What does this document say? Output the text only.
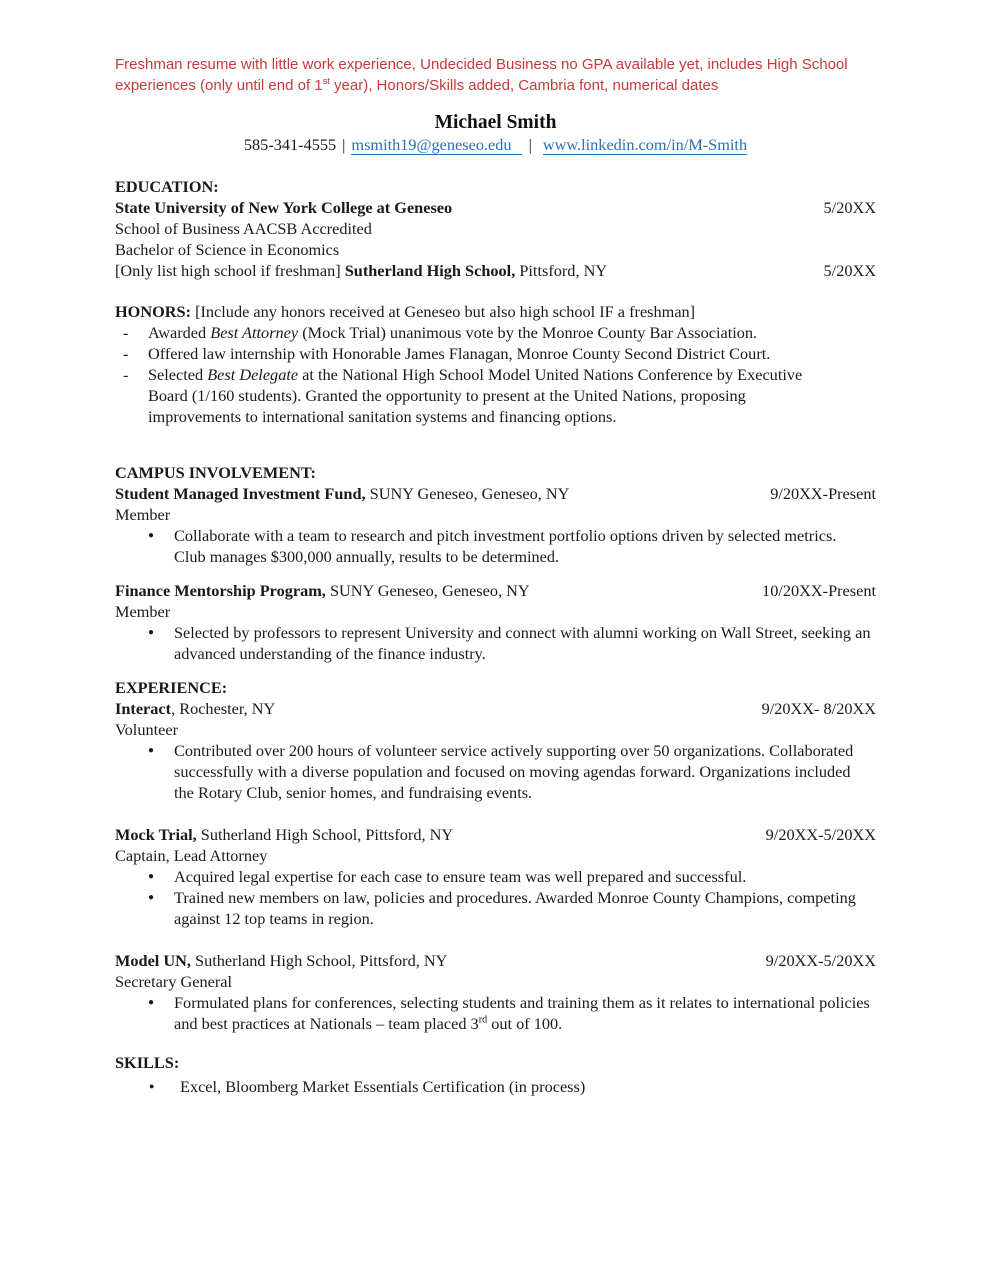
Freshman resume with little work experience, Undecided Business no GPA available yet, includes High School experiences (only until end of 1st year), Honors/Skills added, Cambria font, numerical dates

Michael Smith

585-341-4555 | msmith19@geneseo.edu | www.linkedin.com/in/M-Smith

EDUCATION:
State University of New York College at Geneseo	5/20XX
School of Business AACSB Accredited
Bachelor of Science in Economics
[Only list high school if freshman] Sutherland High School, Pittsford, NY	5/20XX
HONORS: [Include any honors received at Geneseo but also high school IF a freshman]
- Awarded Best Attorney (Mock Trial) unanimous vote by the Monroe County Bar Association.
- Offered law internship with Honorable James Flanagan, Monroe County Second District Court.
- Selected Best Delegate at the National High School Model United Nations Conference by Executive Board (1/160 students). Granted the opportunity to present at the United Nations, proposing improvements to international sanitation systems and financing options.
CAMPUS INVOLVEMENT:
Student Managed Investment Fund, SUNY Geneseo, Geneseo, NY	9/20XX-Present
Member
● Collaborate with a team to research and pitch investment portfolio options driven by selected metrics. Club manages $300,000 annually, results to be determined.
Finance Mentorship Program, SUNY Geneseo, Geneseo, NY	10/20XX-Present
Member
● Selected by professors to represent University and connect with alumni working on Wall Street, seeking an advanced understanding of the finance industry.
EXPERIENCE:
Interact, Rochester, NY	9/20XX- 8/20XX
Volunteer
● Contributed over 200 hours of volunteer service actively supporting over 50 organizations. Collaborated successfully with a diverse population and focused on moving agendas forward. Organizations included the Rotary Club, senior homes, and fundraising events.
Mock Trial, Sutherland High School, Pittsford, NY	9/20XX-5/20XX
Captain, Lead Attorney
● Acquired legal expertise for each case to ensure team was well prepared and successful.
● Trained new members on law, policies and procedures. Awarded Monroe County Champions, competing against 12 top teams in region.
Model UN, Sutherland High School, Pittsford, NY	9/20XX-5/20XX
Secretary General
● Formulated plans for conferences, selecting students and training them as it relates to international policies and best practices at Nationals – team placed 3rd out of 100.
SKILLS:
● Excel, Bloomberg Market Essentials Certification (in process)
